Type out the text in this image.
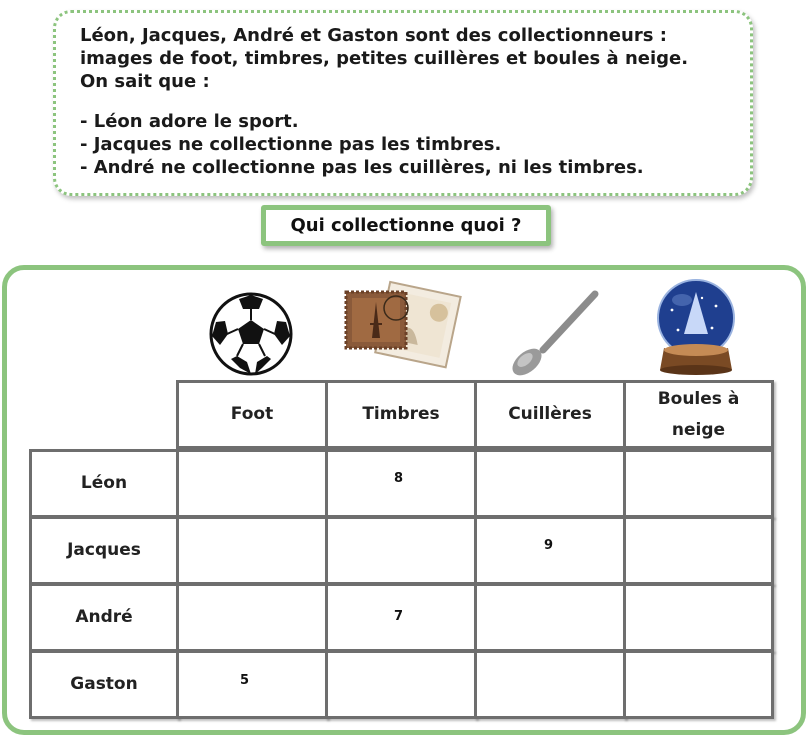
Léon, Jacques, André et Gaston sont des collectionneurs :
images de foot, timbres, petites cuillères et boules à neige.
On sait que :
- Léon adore le sport.
- Jacques ne collectionne pas les timbres.
- André ne collectionne pas les cuillères, ni les timbres.
Qui collectionne quoi ?
Foot	Timbres	Cuillères
Boules à
neige
Léon
Jacques
André
Gaston
8
9
7
5
